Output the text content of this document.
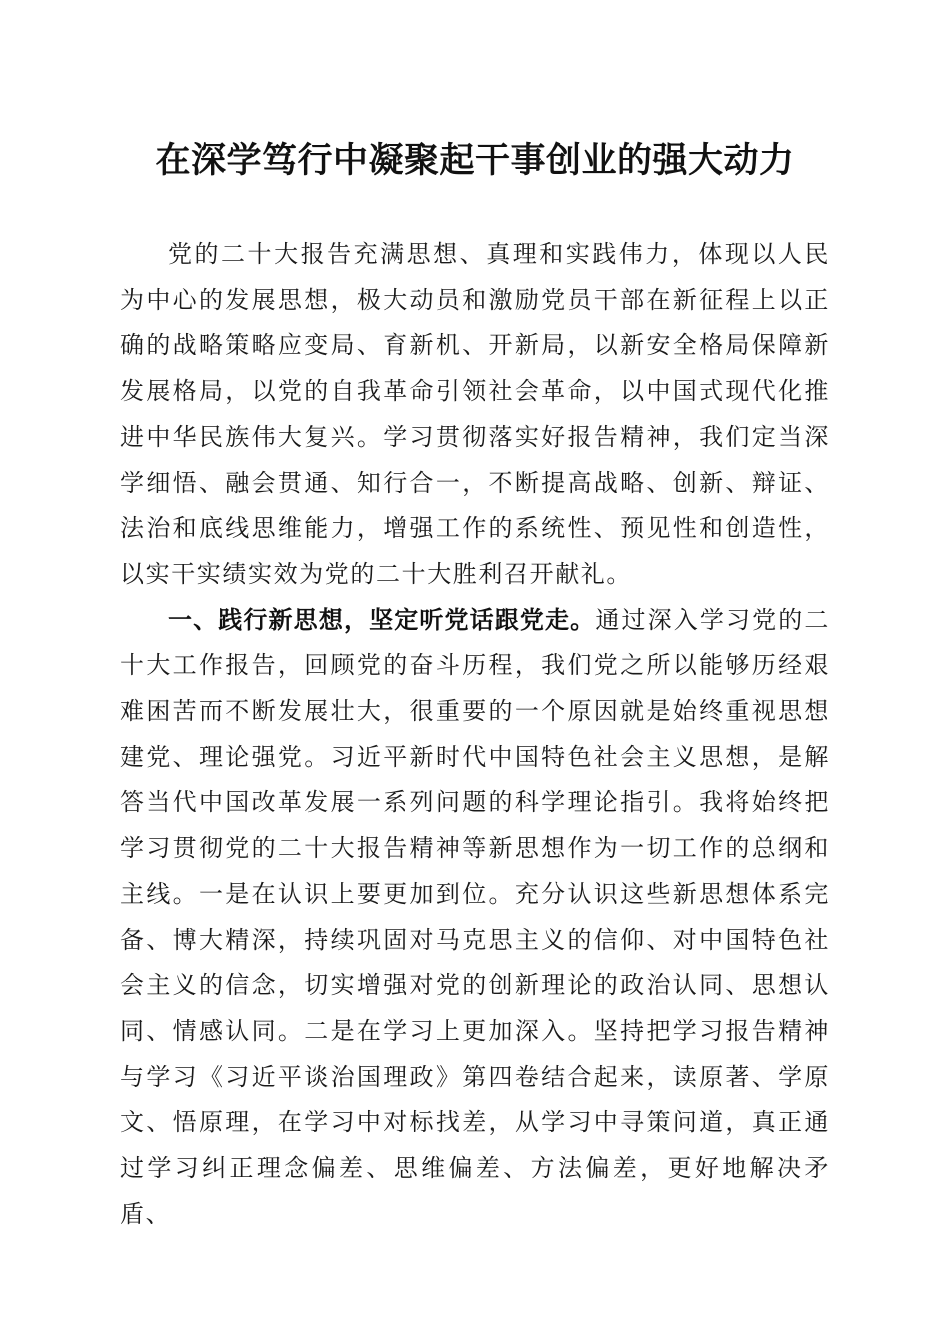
在深学笃行中凝聚起干事创业的强大动力

党的二十大报告充满思想、真理和实践伟力，体现以人民为中心的发展思想，极大动员和激励党员干部在新征程上以正确的战略策略应变局、育新机、开新局，以新安全格局保障新发展格局，以党的自我革命引领社会革命，以中国式现代化推进中华民族伟大复兴。学习贯彻落实好报告精神，我们定当深学细悟、融会贯通、知行合一，不断提高战略、创新、辩证、法治和底线思维能力，增强工作的系统性、预见性和创造性，以实干实绩实效为党的二十大胜利召开献礼。

一、践行新思想，坚定听党话跟党走。通过深入学习党的二十大工作报告，回顾党的奋斗历程，我们党之所以能够历经艰难困苦而不断发展壮大，很重要的一个原因就是始终重视思想建党、理论强党。习近平新时代中国特色社会主义思想，是解答当代中国改革发展一系列问题的科学理论指引。我将始终把学习贯彻党的二十大报告精神等新思想作为一切工作的总纲和主线。一是在认识上要更加到位。充分认识这些新思想体系完备、博大精深，持续巩固对马克思主义的信仰、对中国特色社会主义的信念，切实增强对党的创新理论的政治认同、思想认同、情感认同。二是在学习上更加深入。坚持把学习报告精神与学习《习近平谈治国理政》第四卷结合起来，读原著、学原文、悟原理，在学习中对标找差，从学习中寻策问道，真正通过学习纠正理念偏差、思维偏差、方法偏差，更好地解决矛盾、
